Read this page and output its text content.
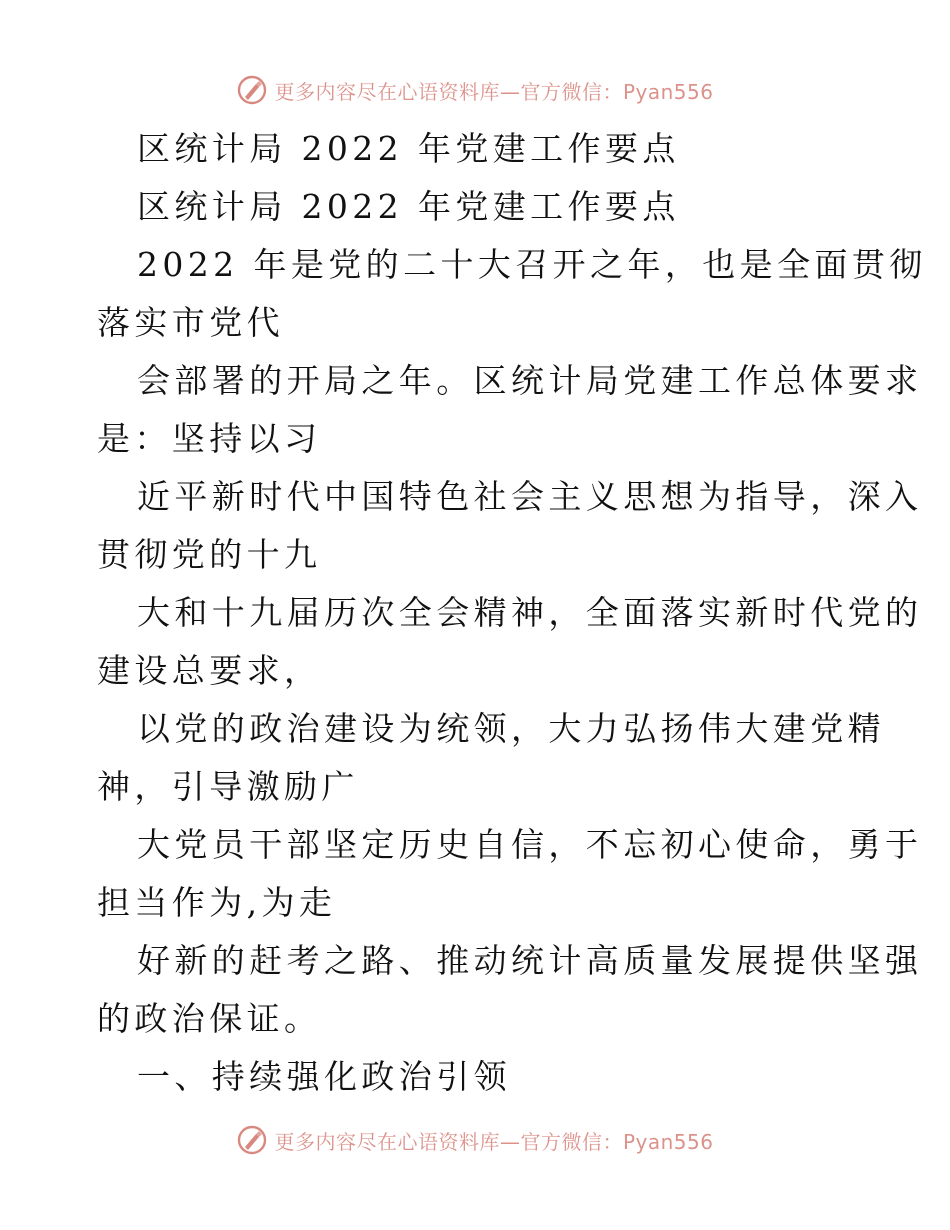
更多内容尽在心语资料库—官方微信：Pyan556
区统计局 2022 年党建工作要点
区统计局 2022 年党建工作要点
2022 年是党的二十大召开之年，也是全面贯彻
落实市党代
会部署的开局之年。区统计局党建工作总体要求
是：坚持以习
近平新时代中国特色社会主义思想为指导，深入
贯彻党的十九
大和十九届历次全会精神，全面落实新时代党的
建设总要求，
以党的政治建设为统领，大力弘扬伟大建党精
神，引导激励广
大党员干部坚定历史自信，不忘初心使命，勇于
担当作为,为走
好新的赶考之路、推动统计高质量发展提供坚强
的政治保证。
一、持续强化政治引领
更多内容尽在心语资料库—官方微信：Pyan556
